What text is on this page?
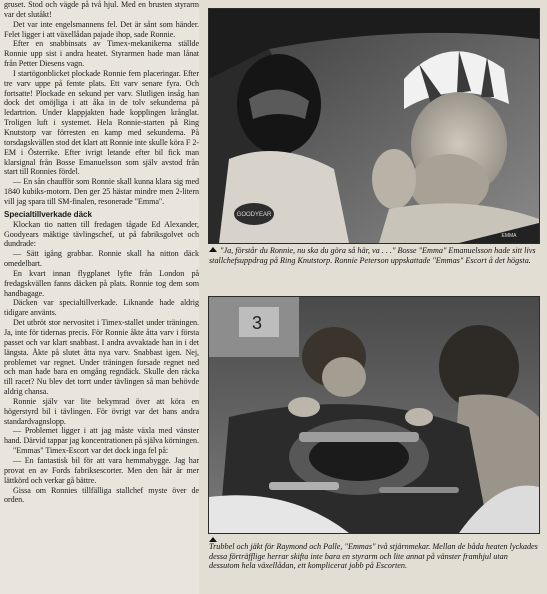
gruset. Stod och vägde på två hjul. Med en brusten styrarm var det slutåkt!

Det var inte engelsmannens fel. Det är sånt som händer. Felet ligger i att växellådan pajade ihop, sade Ronnie.

Efter en snabbinsats av Timex-mekanikerna ställde Ronnie upp sist i andra heatet. Styrarmen hade man lånat från Petter Diesens vagn.

I startögonblicket plockade Ronnie fem placeringar. Efter tre varv uppe på femte plats. Ett varv senare fyra. Och fortsatte! Plockade en sekund per varv. Slutligen insåg han dock det omöjliga i att åka in de tolv sekunderna på ledartrion. Under klappjakten hade kopplingen krånglat. Troligen luft i systemet. Hela Ronnie-starten på Ring Knutstorp var förresten en kamp med sekunderna. På torsdagskvällen stod det klart att Ronnie inte skulle köra F 2-EM i Österrike. Efter ivrigt letande efter bil fick man klarsignal från Bosse Emanuelsson som själv avstod från start till Ronnies fördel.

— En sån chaufför som Ronnie skall kunna klara sig med 1840 kubiks-motorn. Den ger 25 hästar mindre men 2-litern vill jag spara till SM-finalen, resonerade "Emma".

Specialtillverkade däck

Klockan tio natten till fredagen tågade Ed Alexander, Goodyears mäktige tävlingschef, ut på fabriksgolvet och dundrade:

— Sätt igång grabbar. Ronnie skall ha nitton däck omedelbart.

En kvart innan flygplanet lyfte från London på fredagskvällen fanns däcken på plats. Ronnie tog dem som handbagage.

Däcken var specialtillverkade. Liknande hade aldrig tidigare använts.

Det utbröt stor nervositet i Timex-stallet under träningen. Ja, inte för tidernas precis. För Ronnie åkte åtta varv i första passet och var klart snabbast. I andra avvaktade han in i det längsta. Åkte på slutet åtta nya varv. Snabbast igen. Nej, problemet var regnet. Under träningen forsade regnet ned och man hade bara en omgång regndäck. Skulle den räcka till racet? Nu blev det torrt under tävlingen så man behövde aldrig chansa.

Ronnie själv var lite bekymrad över att köra en högerstyrd bil i tävlingen. För övrigt var det hans andra standardvagnslopp.

— Problemet ligger i att jag måste växla med vänster hand. Därvid tappar jag koncentrationen på själva körningen.

"Emmas" Timex-Escort var det dock inga fel på:

— En fantastisk bil för att vara hemmabygge. Jag har provat en av Fords fabriksescorter. Men den här är mer lättkörd och verkar gå bättre.

Gissa om Ronnies tillfälliga stallchef myste över de orden.

GOODYEAR
EMMA
"Ja, förstår du Ronnie, nu ska du göra så här, va . . ." Bosse "Emma" Emanuelsson hade sitt livs stallchefsuppdrag på Ring Knutstorp. Ronnie Peterson uppskattade "Emmas" Escort å det högsta.
3
Trubbel och jäkt för Raymond och Palle, "Emmas" två stjärnmekar. Mellan de båda heaten lyckades dessa förträfflige herrar skifta inte bara en styrarm och lite annat på vänster framhjul utan dessutom hela växellådan, ett komplicerat jobb på Escorten.
